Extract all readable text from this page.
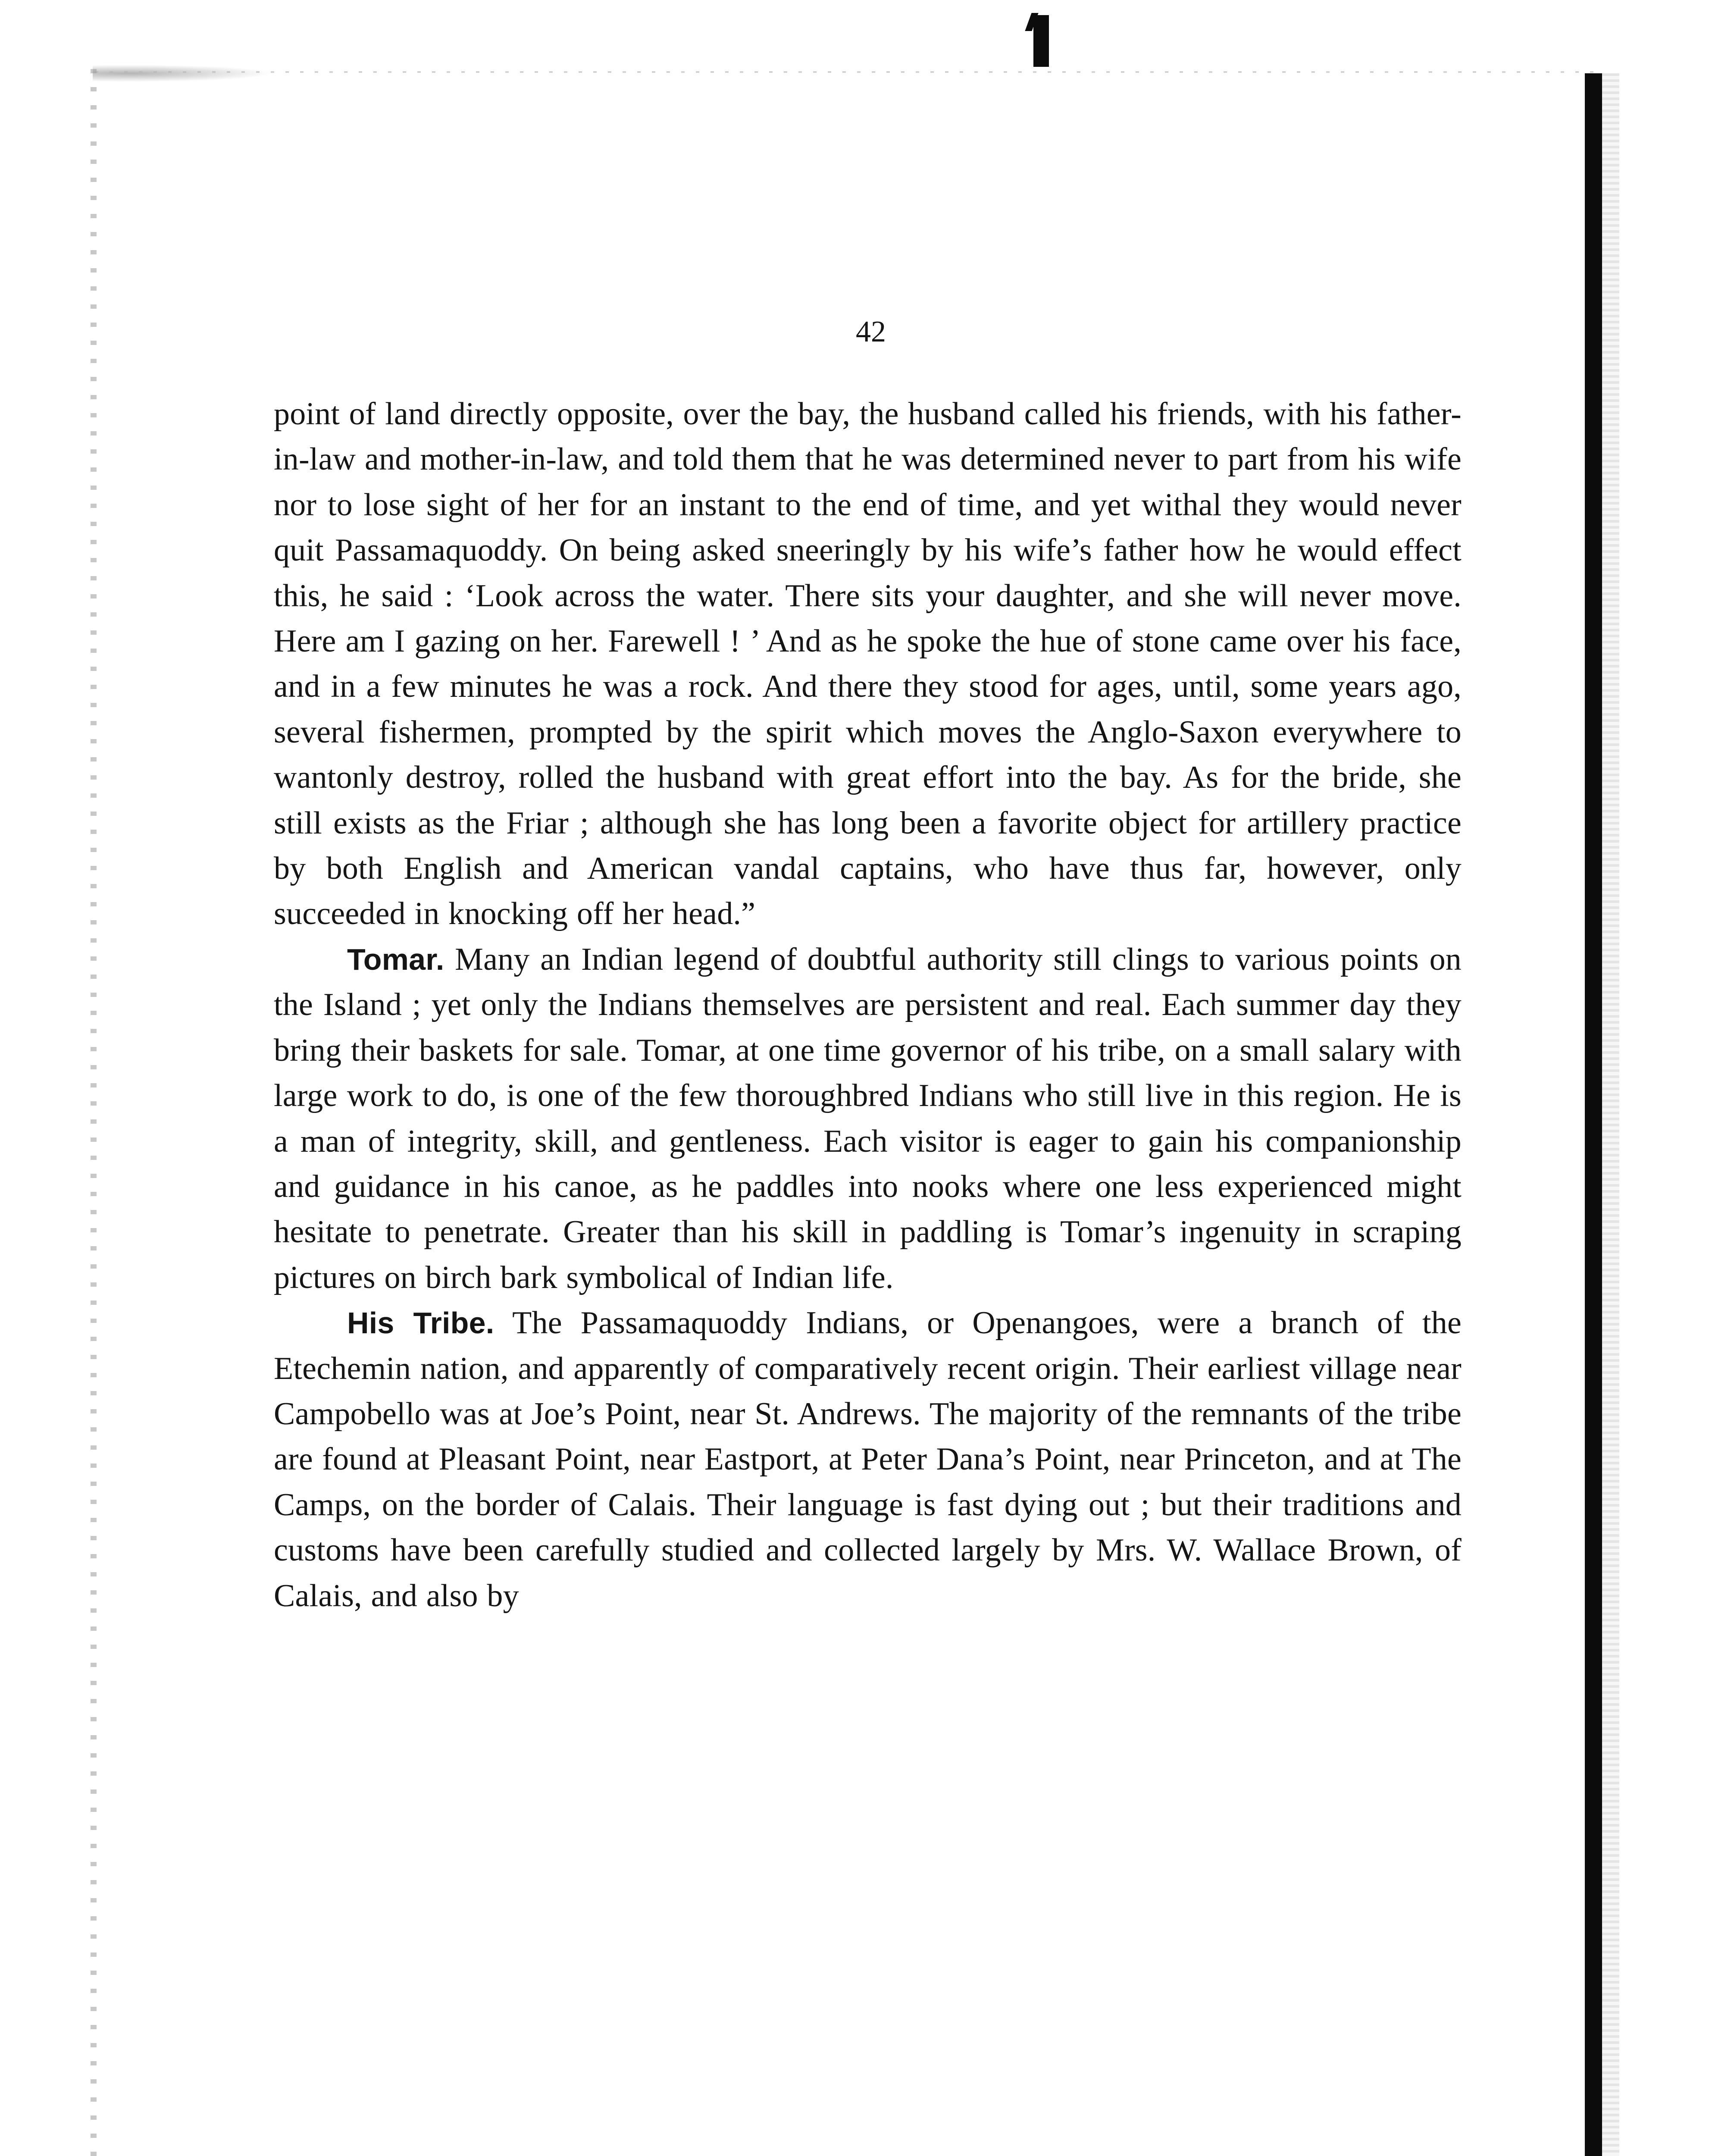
42

point of land directly opposite, over the bay, the husband called his friends, with his father-in-law and mother-in-law, and told them that he was determined never to part from his wife nor to lose sight of her for an instant to the end of time, and yet withal they would never quit Passamaquoddy. On being asked sneeringly by his wife’s father how he would effect this, he said : ‘Look across the water. There sits your daughter, and she will never move. Here am I gazing on her. Farewell ! ’ And as he spoke the hue of stone came over his face, and in a few minutes he was a rock. And there they stood for ages, until, some years ago, several fishermen, prompted by the spirit which moves the Anglo-Saxon everywhere to wantonly destroy, rolled the husband with great effort into the bay. As for the bride, she still exists as the Friar ; although she has long been a favorite object for artillery practice by both English and American vandal captains, who have thus far, however, only succeeded in knocking off her head.”

Tomar. Many an Indian legend of doubtful authority still clings to various points on the Island ; yet only the Indians themselves are persistent and real. Each summer day they bring their baskets for sale. Tomar, at one time governor of his tribe, on a small salary with large work to do, is one of the few thoroughbred Indians who still live in this region. He is a man of integrity, skill, and gentleness. Each visitor is eager to gain his companionship and guidance in his canoe, as he paddles into nooks where one less experienced might hesitate to penetrate. Greater than his skill in paddling is Tomar’s ingenuity in scraping pictures on birch bark symbolical of Indian life.

His Tribe. The Passamaquoddy Indians, or Openangoes, were a branch of the Etechemin nation, and apparently of comparatively recent origin. Their earliest village near Campobello was at Joe’s Point, near St. Andrews. The majority of the remnants of the tribe are found at Pleasant Point, near Eastport, at Peter Dana’s Point, near Princeton, and at The Camps, on the border of Calais. Their language is fast dying out ; but their traditions and customs have been carefully studied and collected largely by Mrs. W. Wallace Brown, of Calais, and also by
